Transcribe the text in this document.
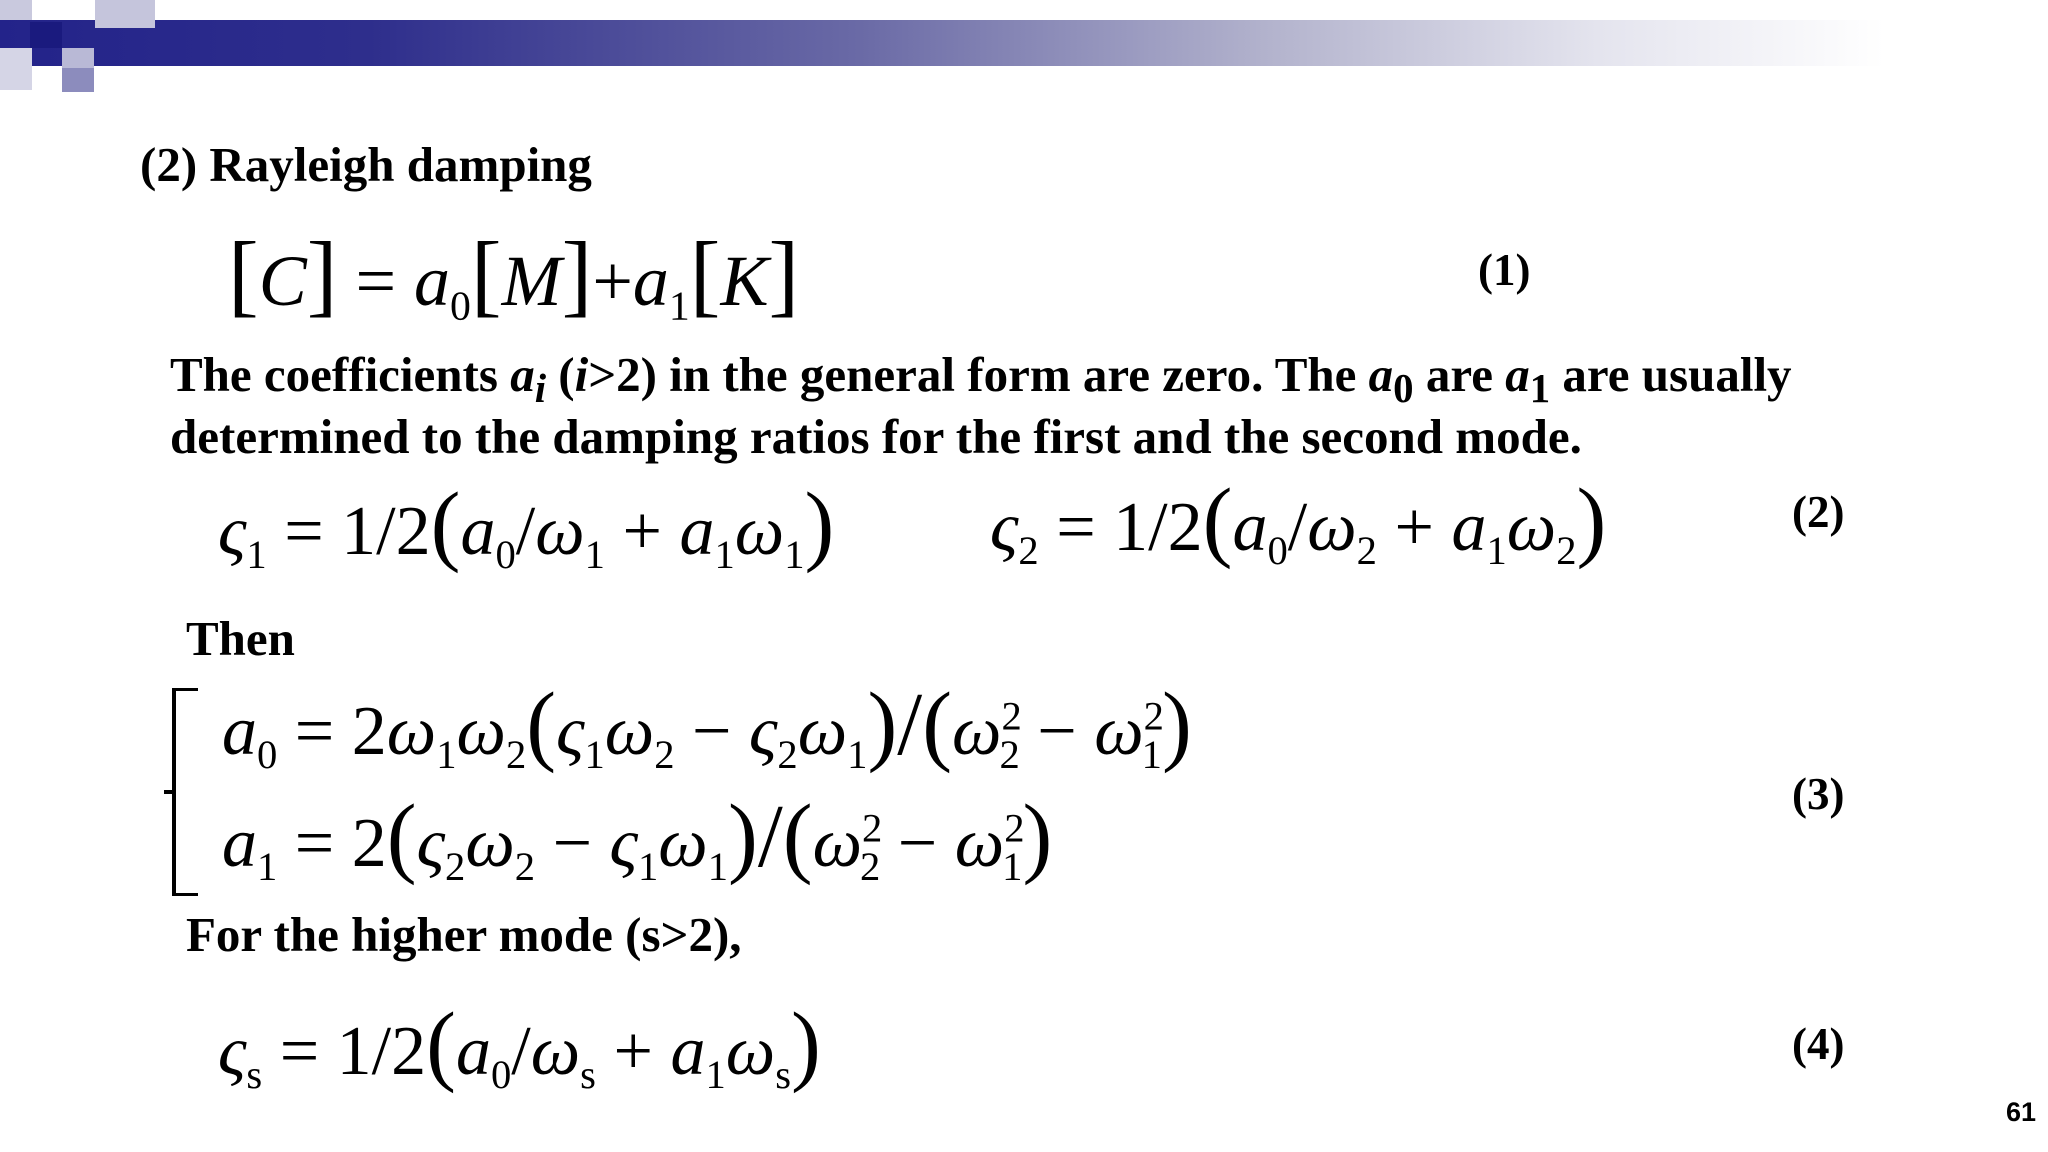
(2) Rayleigh damping
$[C] = a_0[M]+a_1[K]$	(1)
The coefficients $a_i$ (i>2) in the general form are zero. The $a_0$ are $a_1$ are usually
determined to the damping ratios for the first and the second mode.
$\varsigma_1 = 1/2(a_0/\omega_1 + a_1\omega_1) \varsigma_2 = 1/2(a_0/\omega_2 + a_1\omega_2)$	(2)
Then
$a_0 = 2\omega_1\omega_2(\varsigma_1\omega_2 - \varsigma_2\omega_1)/(\omega^2_2 - \omega^2_1)$
$a_1 = 2(\varsigma_2\omega_2 - \varsigma_1\omega_1)/(\omega^2_2 - \omega^2_1)$	(3)
For the higher mode (s>2),
$\varsigma_s = 1/2(a_0/\omega_s + a_1\omega_s)$	(4)
61
